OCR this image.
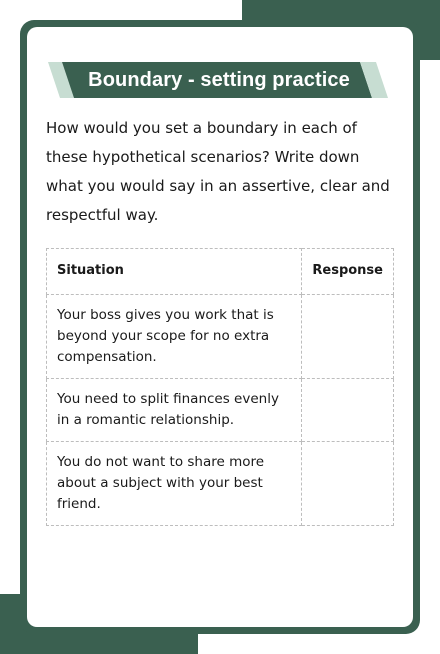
Boundary - setting practice

How would you set a boundary in each of these hypothetical scenarios? Write down what you would say in an assertive, clear and respectful way.

Situation	Response
Your boss gives you work that is beyond your scope for no extra compensation.	
You need to split finances evenly in a romantic relationship.	
You do not want to share more about a subject with your best friend.	
